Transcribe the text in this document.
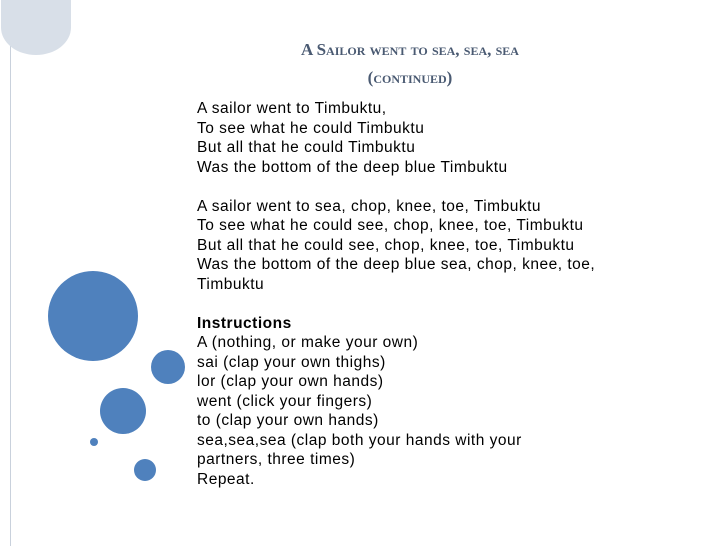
A Sailor went to sea, sea, sea
(continued)
A sailor went to Timbuktu,
To see what he could Timbuktu
But all that he could Timbuktu
Was the bottom of the deep blue Timbuktu
A sailor went to sea, chop, knee, toe, Timbuktu
To see what he could see, chop, knee, toe, Timbuktu
But all that he could see, chop, knee, toe, Timbuktu
Was the bottom of the deep blue sea, chop, knee, toe,
Timbuktu
Instructions
A (nothing, or make your own)
sai (clap your own thighs)
lor (clap your own hands)
went (click your fingers)
to (clap your own hands)
sea,sea,sea (clap both your hands with your
partners, three times)
Repeat.
